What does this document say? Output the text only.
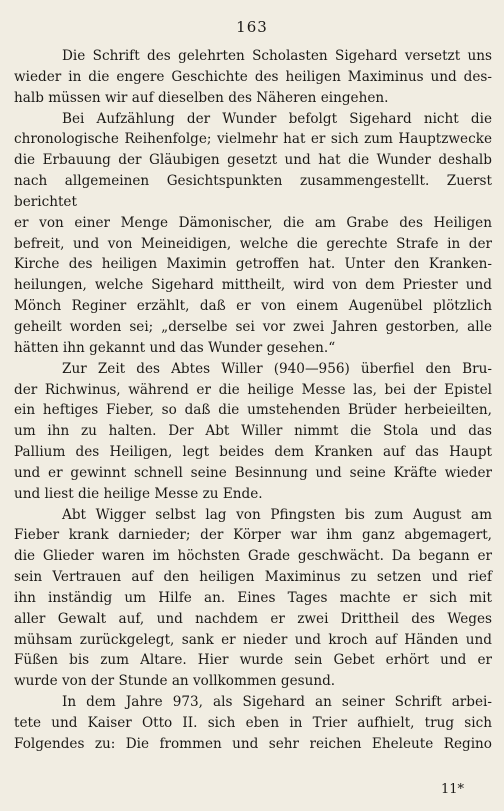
163

Die Schrift des gelehrten Scholasten Sigehard versetzt uns
wieder in die engere Geschichte des heiligen Maximinus und des-
halb müssen wir auf dieselben des Näheren eingehen.

Bei Aufzählung der Wunder befolgt Sigehard nicht die
chronologische Reihenfolge; vielmehr hat er sich zum Hauptzwecke
die Erbauung der Gläubigen gesetzt und hat die Wunder deshalb
nach allgemeinen Gesichtspunkten zusammengestellt. Zuerst berichtet
er von einer Menge Dämonischer, die am Grabe des Heiligen
befreit, und von Meineidigen, welche die gerechte Strafe in der
Kirche des heiligen Maximin getroffen hat. Unter den Kranken-
heilungen, welche Sigehard mittheilt, wird von dem Priester und
Mönch Reginer erzählt, daß er von einem Augenübel plötzlich
geheilt worden sei; „derselbe sei vor zwei Jahren gestorben, alle
hätten ihn gekannt und das Wunder gesehen.“

Zur Zeit des Abtes Willer (940—956) überfiel den Bru-
der Richwinus, während er die heilige Messe las, bei der Epistel
ein heftiges Fieber, so daß die umstehenden Brüder herbeieilten,
um ihn zu halten. Der Abt Willer nimmt die Stola und das
Pallium des Heiligen, legt beides dem Kranken auf das Haupt
und er gewinnt schnell seine Besinnung und seine Kräfte wieder
und liest die heilige Messe zu Ende.

Abt Wigger selbst lag von Pfingsten bis zum August am
Fieber krank darnieder; der Körper war ihm ganz abgemagert,
die Glieder waren im höchsten Grade geschwächt. Da begann er
sein Vertrauen auf den heiligen Maximinus zu setzen und rief
ihn inständig um Hilfe an. Eines Tages machte er sich mit
aller Gewalt auf, und nachdem er zwei Drittheil des Weges
mühsam zurückgelegt, sank er nieder und kroch auf Händen und
Füßen bis zum Altare. Hier wurde sein Gebet erhört und er
wurde von der Stunde an vollkommen gesund.

In dem Jahre 973, als Sigehard an seiner Schrift arbei-
tete und Kaiser Otto II. sich eben in Trier aufhielt, trug sich
Folgendes zu: Die frommen und sehr reichen Eheleute Regino

11*
